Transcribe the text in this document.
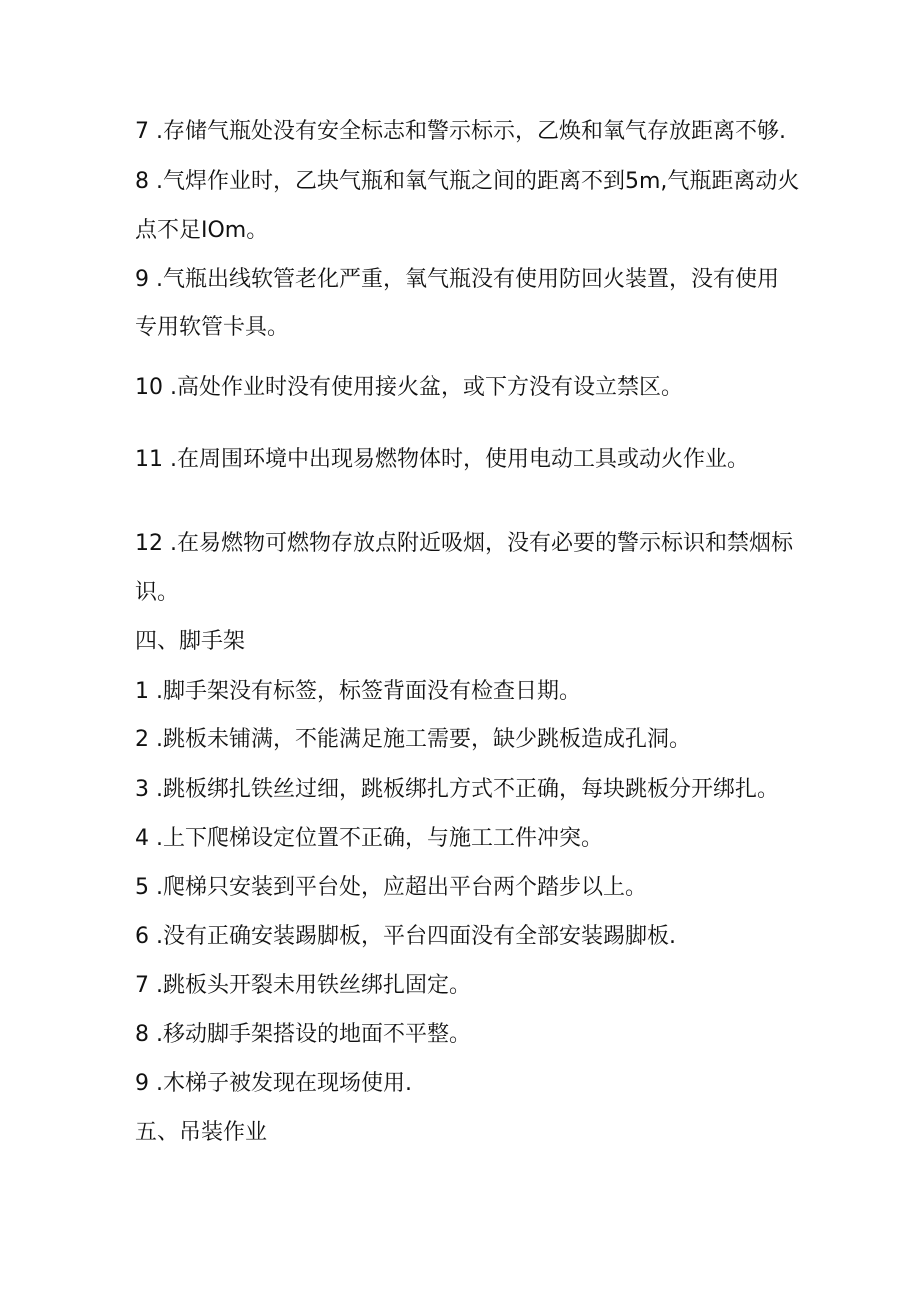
7 .存储气瓶处没有安全标志和警示标示，乙焕和氧气存放距离不够.
8 .气焊作业时，乙块气瓶和氧气瓶之间的距离不到5m,气瓶距离动火
点不足IOm。
9 .气瓶出线软管老化严重，氧气瓶没有使用防回火装置，没有使用
专用软管卡具。
10 .高处作业时没有使用接火盆，或下方没有设立禁区。
11 .在周围环境中出现易燃物体时，使用电动工具或动火作业。
12 .在易燃物可燃物存放点附近吸烟，没有必要的警示标识和禁烟标
识。
四、脚手架
1 .脚手架没有标签，标签背面没有检查日期。
2 .跳板未铺满，不能满足施工需要，缺少跳板造成孔洞。
3 .跳板绑扎铁丝过细，跳板绑扎方式不正确，每块跳板分开绑扎。
4 .上下爬梯设定位置不正确，与施工工件冲突。
5 .爬梯只安装到平台处，应超出平台两个踏步以上。
6 .没有正确安装踢脚板，平台四面没有全部安装踢脚板.
7 .跳板头开裂未用铁丝绑扎固定。
8 .移动脚手架搭设的地面不平整。
9 .木梯子被发现在现场使用.
五、吊装作业
